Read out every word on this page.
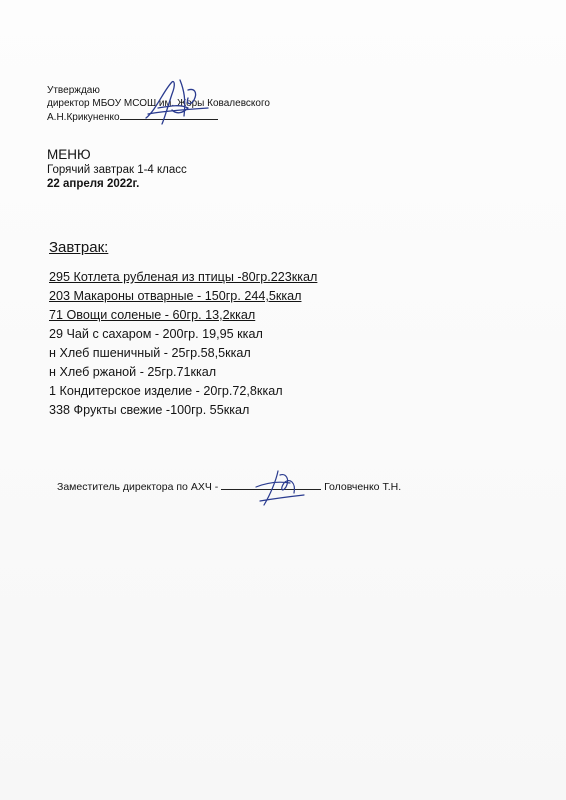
Утверждаю
директор МБОУ МСОШ им. Жоры Ковалевского
А.Н.Крикуненко
МЕНЮ
Горячий завтрак 1-4 класс
22 апреля 2022г.
Завтрак:
295 Котлета рубленая из птицы -80гр.223ккал
203 Макароны отварные - 150гр. 244,5ккал
71 Овощи соленые - 60гр. 13,2ккал
29 Чай с сахаром - 200гр. 19,95 ккал
н Хлеб пшеничный - 25гр.58,5ккал
н Хлеб ржаной - 25гр.71ккал
1 Кондитерское изделие - 20гр.72,8ккал
338 Фрукты свежие -100гр. 55ккал
Заместитель директора по АХЧ -	Головченко Т.Н.
